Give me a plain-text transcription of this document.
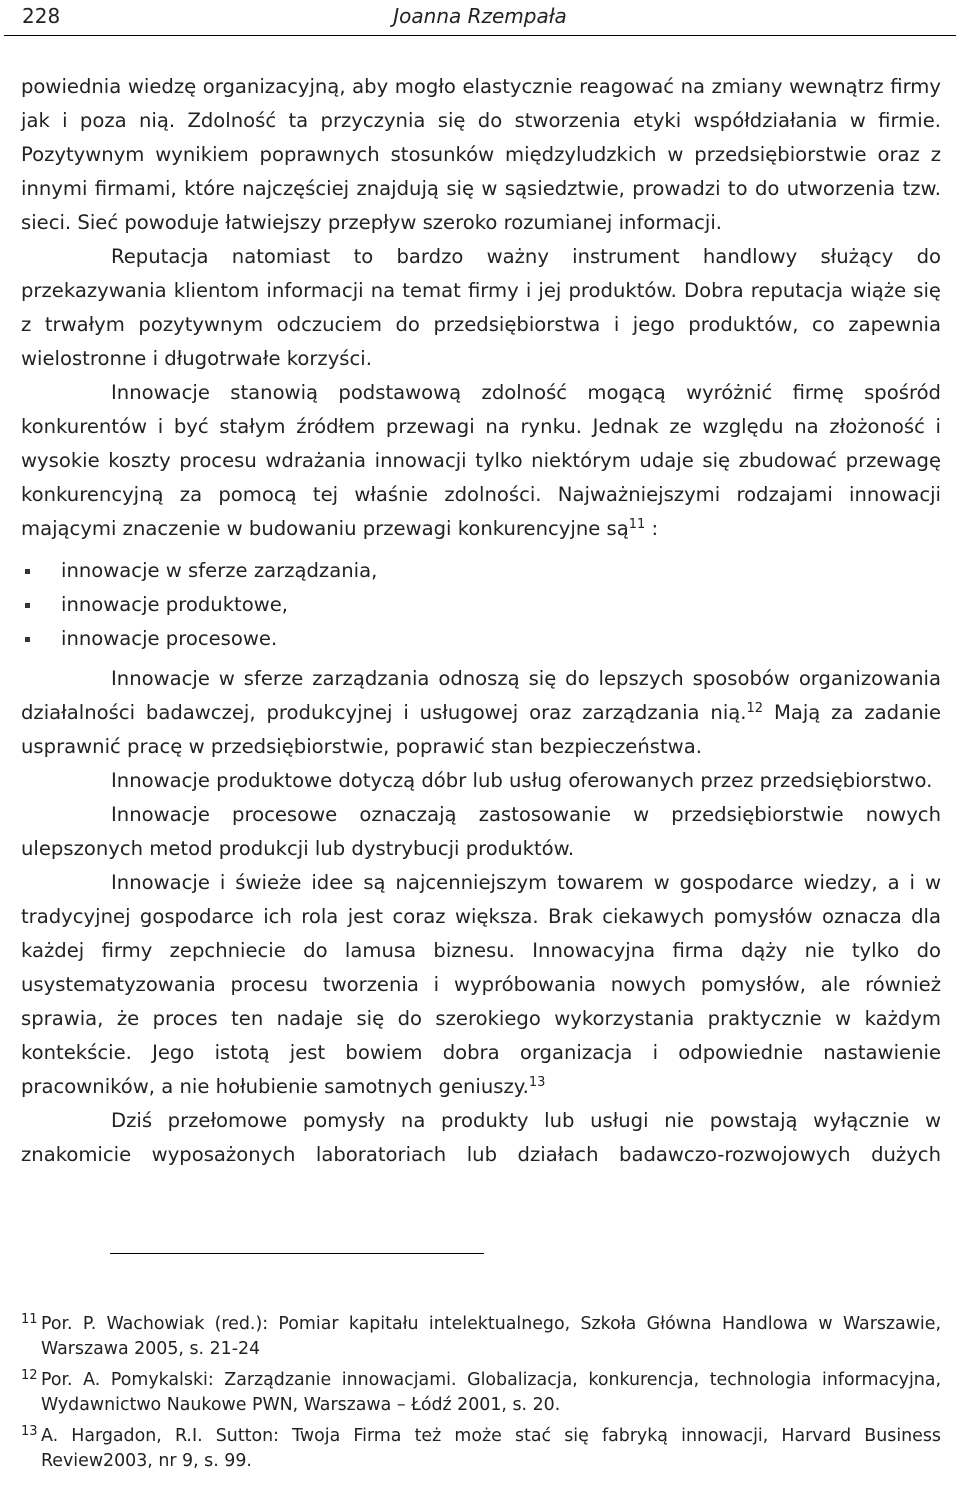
228	Joanna Rzempała

powiednia wiedzę organizacyjną, aby mogło elastycznie reagować na zmiany wewnątrz firmy jak i poza nią. Zdolność ta przyczynia się do stworzenia etyki współdziałania w firmie. Pozytywnym wynikiem poprawnych stosunków międzyludzkich w przedsiębiorstwie oraz z innymi firmami, które najczęściej znajdują się w sąsiedztwie, prowadzi to do utworzenia tzw. sieci. Sieć powoduje łatwiejszy przepływ szeroko rozumianej informacji.

Reputacja natomiast to bardzo ważny instrument handlowy służący do przekazywania klientom informacji na temat firmy i jej produktów. Dobra reputacja wiąże się z trwałym pozytywnym odczuciem do przedsiębiorstwa i jego produktów, co zapewnia wielostronne i długotrwałe korzyści.

Innowacje stanowią podstawową zdolność mogącą wyróżnić firmę spośród konkurentów i być stałym źródłem przewagi na rynku. Jednak ze względu na złożoność i wysokie koszty procesu wdrażania innowacji tylko niektórym udaje się zbudować przewagę konkurencyjną za pomocą tej właśnie zdolności. Najważniejszymi rodzajami innowacji mającymi znaczenie w budowaniu przewagi konkurencyjne $są^{11}$ :

innowacje w sferze zarządzania,
innowacje produktowe,
innowacje procesowe.

Innowacje w sferze zarządzania odnoszą się do lepszych sposobów organizowania działalności badawczej, produkcyjnej i usługowej oraz zarządzania nią.$^{12}$ Mają za zadanie usprawnić pracę w przedsiębiorstwie, poprawić stan bezpieczeństwa.

Innowacje produktowe dotyczą dóbr lub usług oferowanych przez przedsiębiorstwo.

Innowacje procesowe oznaczają zastosowanie w przedsiębiorstwie nowych ulepszonych metod produkcji lub dystrybucji produktów.

Innowacje i świeże idee są najcenniejszym towarem w gospodarce wiedzy, a i w tradycyjnej gospodarce ich rola jest coraz większa. Brak ciekawych pomysłów oznacza dla każdej firmy zepchniecie do lamusa biznesu. Innowacyjna firma dąży nie tylko do usystematyzowania procesu tworzenia i wypróbowania nowych pomysłów, ale również sprawia, że proces ten nadaje się do szerokiego wykorzystania praktycznie w każdym kontekście. Jego istotą jest bowiem dobra organizacja i odpowiednie nastawienie pracowników, a nie hołubienie samotnych geniuszy.$^{13}$

Dziś przełomowe pomysły na produkty lub usługi nie powstają wyłącznie w znakomicie wyposażonych laboratoriach lub działach badawczo-rozwojowych dużych

11 Por. P. Wachowiak (red.): Pomiar kapitału intelektualnego, Szkoła Główna Handlowa w Warszawie, Warszawa 2005, s. 21-24
12 Por. A. Pomykalski: Zarządzanie innowacjami. Globalizacja, konkurencja, technologia informacyjna, Wydawnictwo Naukowe PWN, Warszawa – Łódź 2001, s. 20.
13 A. Hargadon, R.I. Sutton: Twoja Firma też może stać się fabryką innowacji, Harvard Business Review2003, nr 9, s. 99.
